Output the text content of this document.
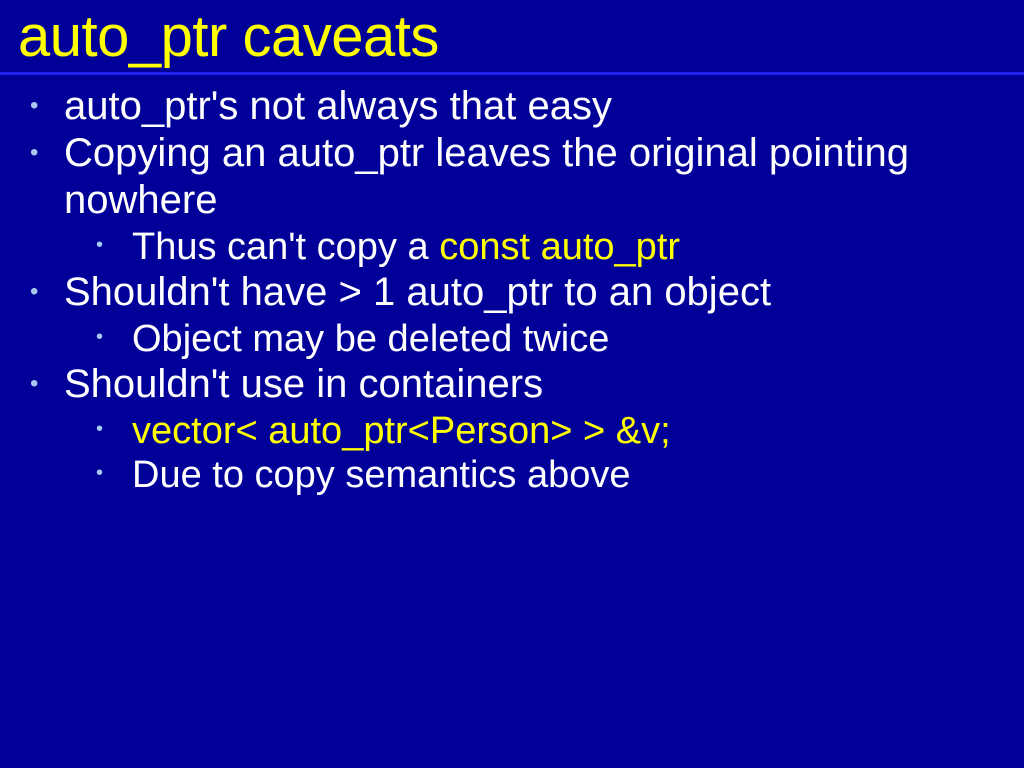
auto_ptr caveats
• auto_ptr's not always that easy
• Copying an auto_ptr leaves the original pointing nowhere
• Thus can't copy a const auto_ptr
• Shouldn't have > 1 auto_ptr to an object
• Object may be deleted twice
• Shouldn't use in containers
• vector< auto_ptr<Person> > &v;
• Due to copy semantics above
